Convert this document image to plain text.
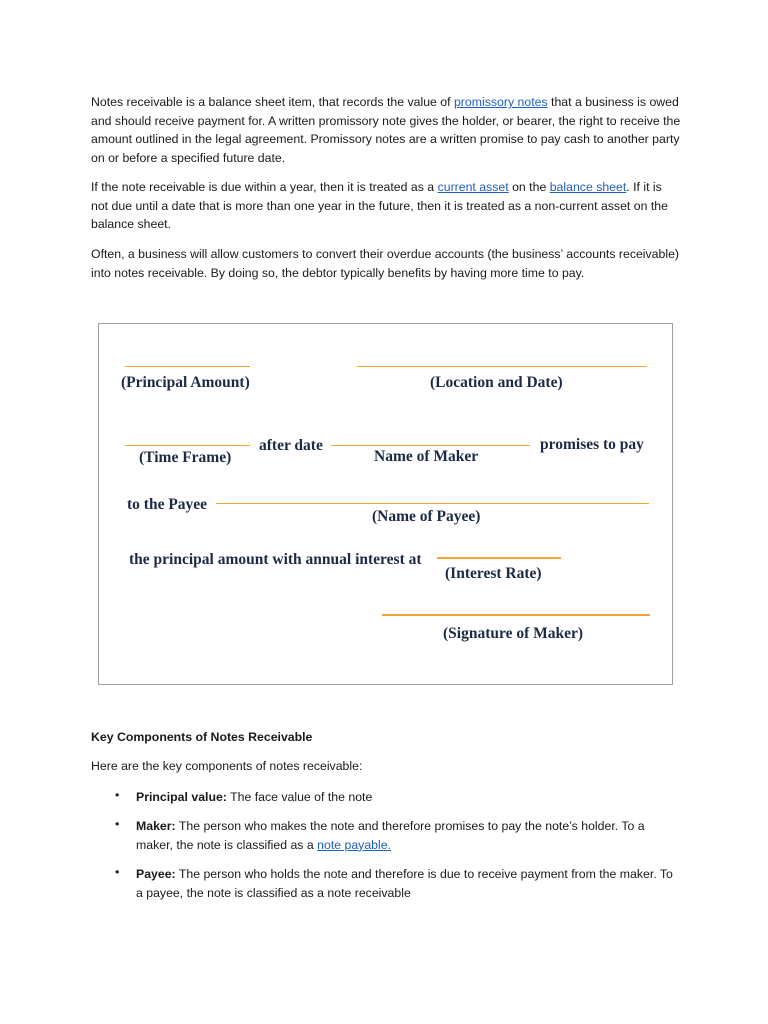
Notes receivable is a balance sheet item, that records the value of promissory notes that a business is owed and should receive payment for. A written promissory note gives the holder, or bearer, the right to receive the amount outlined in the legal agreement. Promissory notes are a written promise to pay cash to another party on or before a specified future date.

If the note receivable is due within a year, then it is treated as a current asset on the balance sheet. If it is not due until a date that is more than one year in the future, then it is treated as a non-current asset on the balance sheet.

Often, a business will allow customers to convert their overdue accounts (the business’ accounts receivable) into notes receivable. By doing so, the debtor typically benefits by having more time to pay.

(Principal Amount)	(Location and Date)
after date	promises to pay
(Time Frame)	Name of Maker
to the Payee
(Name of Payee)
the principal amount with annual interest at
(Interest Rate)
(Signature of Maker)

Key Components of Notes Receivable

Here are the key components of notes receivable:

•	Principal value: The face value of the note
•	Maker: The person who makes the note and therefore promises to pay the note’s holder. To a maker, the note is classified as a note payable.
•	Payee: The person who holds the note and therefore is due to receive payment from the maker. To a payee, the note is classified as a note receivable
